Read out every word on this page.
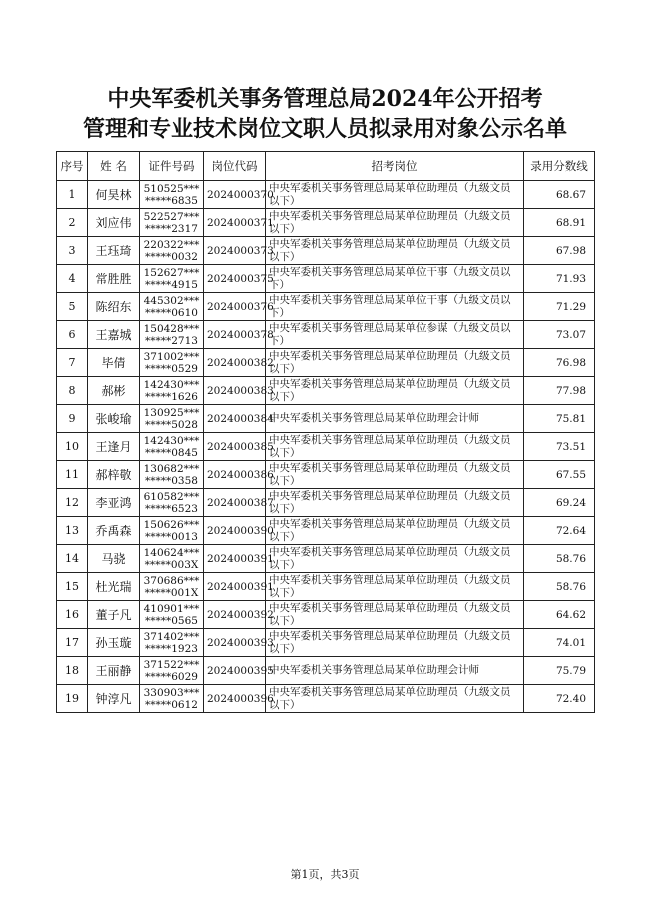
中央军委机关事务管理总局2024年公开招考
管理和专业技术岗位文职人员拟录用对象公示名单
序号	姓 名	证件号码	岗位代码	招考岗位	录用分数线
1	何昊林	510525********6835	2024000370	中央军委机关事务管理总局某单位助理员（九级文员以下）	68.67
2	刘应伟	522527********2317	2024000371	中央军委机关事务管理总局某单位助理员（九级文员以下）	68.91
3	王珏琦	220322********0032	2024000373	中央军委机关事务管理总局某单位助理员（九级文员以下）	67.98
4	常胜胜	152627********4915	2024000375	中央军委机关事务管理总局某单位干事（九级文员以下）	71.93
5	陈绍东	445302********0610	2024000376	中央军委机关事务管理总局某单位干事（九级文员以下）	71.29
6	王嘉城	150428********2713	2024000378	中央军委机关事务管理总局某单位参谋（九级文员以下）	73.07
7	毕倩	371002********0529	2024000382	中央军委机关事务管理总局某单位助理员（九级文员以下）	76.98
8	郝彬	142430********1626	2024000383	中央军委机关事务管理总局某单位助理员（九级文员以下）	77.98
9	张峻瑜	130925********5028	2024000384	中央军委机关事务管理总局某单位助理会计师	75.81
10	王逢月	142430********0845	2024000385	中央军委机关事务管理总局某单位助理员（九级文员以下）	73.51
11	郝梓敬	130682********0358	2024000386	中央军委机关事务管理总局某单位助理员（九级文员以下）	67.55
12	李亚鸿	610582********6523	2024000387	中央军委机关事务管理总局某单位助理员（九级文员以下）	69.24
13	乔禹森	150626********0013	2024000390	中央军委机关事务管理总局某单位助理员（九级文员以下）	72.64
14	马骁	140624********003X	2024000391	中央军委机关事务管理总局某单位助理员（九级文员以下）	58.76
15	杜光瑞	370686********001X	2024000391	中央军委机关事务管理总局某单位助理员（九级文员以下）	58.76
16	董子凡	410901********0565	2024000392	中央军委机关事务管理总局某单位助理员（九级文员以下）	64.62
17	孙玉璇	371402********1923	2024000393	中央军委机关事务管理总局某单位助理员（九级文员以下）	74.01
18	王丽静	371522********6029	2024000395	中央军委机关事务管理总局某单位助理会计师	75.79
19	钟淳凡	330903********0612	2024000396	中央军委机关事务管理总局某单位助理员（九级文员以下）	72.40
第1页，共3页
